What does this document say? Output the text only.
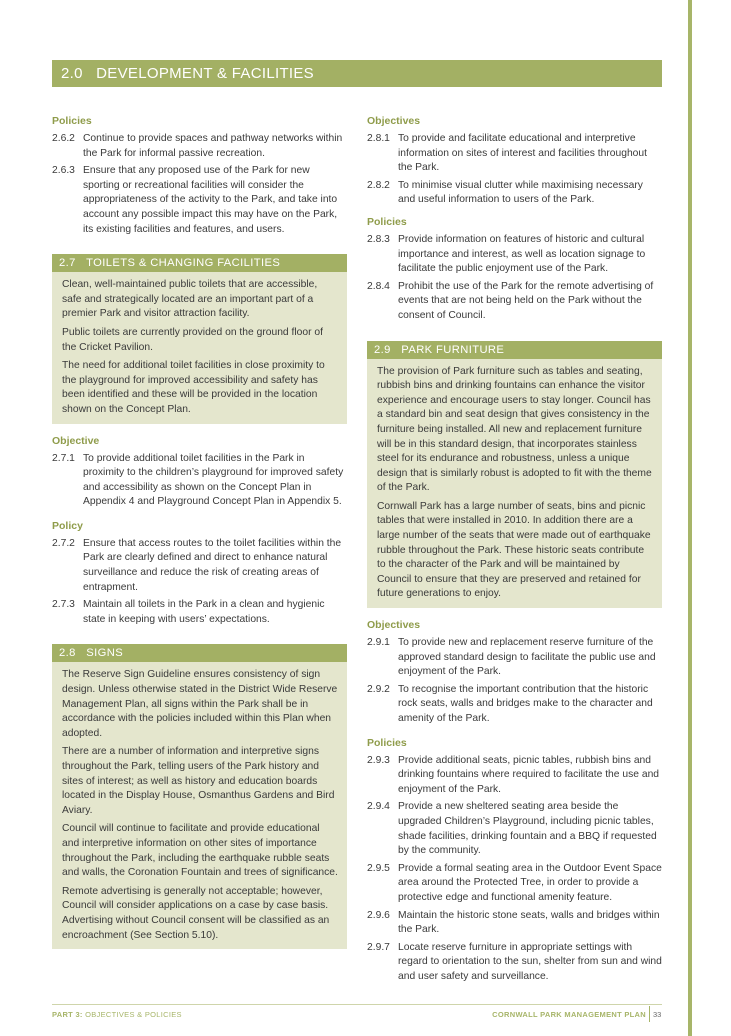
2.0 DEVELOPMENT & FACILITIES
Policies
2.6.2 Continue to provide spaces and pathway networks within the Park for informal passive recreation.
2.6.3 Ensure that any proposed use of the Park for new sporting or recreational facilities will consider the appropriateness of the activity to the Park, and take into account any possible impact this may have on the Park, its existing facilities and features, and users.
2.7 TOILETS & CHANGING FACILITIES

Clean, well-maintained public toilets that are accessible, safe and strategically located are an important part of a premier Park and visitor attraction facility.

Public toilets are currently provided on the ground floor of the Cricket Pavilion.

The need for additional toilet facilities in close proximity to the playground for improved accessibility and safety has been identified and these will be provided in the location shown on the Concept Plan.

Objective
2.7.1 To provide additional toilet facilities in the Park in proximity to the children’s playground for improved safety and accessibility as shown on the Concept Plan in Appendix 4 and Playground Concept Plan in Appendix 5.
Policy
2.7.2 Ensure that access routes to the toilet facilities within the Park are clearly defined and direct to enhance natural surveillance and reduce the risk of creating areas of entrapment.
2.7.3 Maintain all toilets in the Park in a clean and hygienic state in keeping with users’ expectations.
2.8 SIGNS

The Reserve Sign Guideline ensures consistency of sign design. Unless otherwise stated in the District Wide Reserve Management Plan, all signs within the Park shall be in accordance with the policies included within this Plan when adopted.

There are a number of information and interpretive signs throughout the Park, telling users of the Park history and sites of interest; as well as history and education boards located in the Display House, Osmanthus Gardens and Bird Aviary.

Council will continue to facilitate and provide educational and interpretive information on other sites of importance throughout the Park, including the earthquake rubble seats and walls, the Coronation Fountain and trees of significance.

Remote advertising is generally not acceptable; however, Council will consider applications on a case by case basis. Advertising without Council consent will be classified as an encroachment (See Section 5.10).

Objectives
2.8.1 To provide and facilitate educational and interpretive information on sites of interest and facilities throughout the Park.
2.8.2 To minimise visual clutter while maximising necessary and useful information to users of the Park.
Policies
2.8.3 Provide information on features of historic and cultural importance and interest, as well as location signage to facilitate the public enjoyment use of the Park.
2.8.4 Prohibit the use of the Park for the remote advertising of events that are not being held on the Park without the consent of Council.
2.9 PARK FURNITURE

The provision of Park furniture such as tables and seating, rubbish bins and drinking fountains can enhance the visitor experience and encourage users to stay longer. Council has a standard bin and seat design that gives consistency in the furniture being installed. All new and replacement furniture will be in this standard design, that incorporates stainless steel for its endurance and robustness, unless a unique design that is similarly robust is adopted to fit with the theme of the Park.

Cornwall Park has a large number of seats, bins and picnic tables that were installed in 2010. In addition there are a large number of the seats that were made out of earthquake rubble throughout the Park. These historic seats contribute to the character of the Park and will be maintained by Council to ensure that they are preserved and retained for future generations to enjoy.

Objectives
2.9.1 To provide new and replacement reserve furniture of the approved standard design to facilitate the public use and enjoyment of the Park.
2.9.2 To recognise the important contribution that the historic rock seats, walls and bridges make to the character and amenity of the Park.
Policies
2.9.3 Provide additional seats, picnic tables, rubbish bins and drinking fountains where required to facilitate the use and enjoyment of the Park.
2.9.4 Provide a new sheltered seating area beside the upgraded Children’s Playground, including picnic tables, shade facilities, drinking fountain and a BBQ if requested by the community.
2.9.5 Provide a formal seating area in the Outdoor Event Space area around the Protected Tree, in order to provide a protective edge and functional amenity feature.
2.9.6 Maintain the historic stone seats, walls and bridges within the Park.
2.9.7 Locate reserve furniture in appropriate settings with regard to orientation to the sun, shelter from sun and wind and user safety and surveillance.
PART 3: OBJECTIVES & POLICIES	CORNWALL PARK MANAGEMENT PLAN 33
